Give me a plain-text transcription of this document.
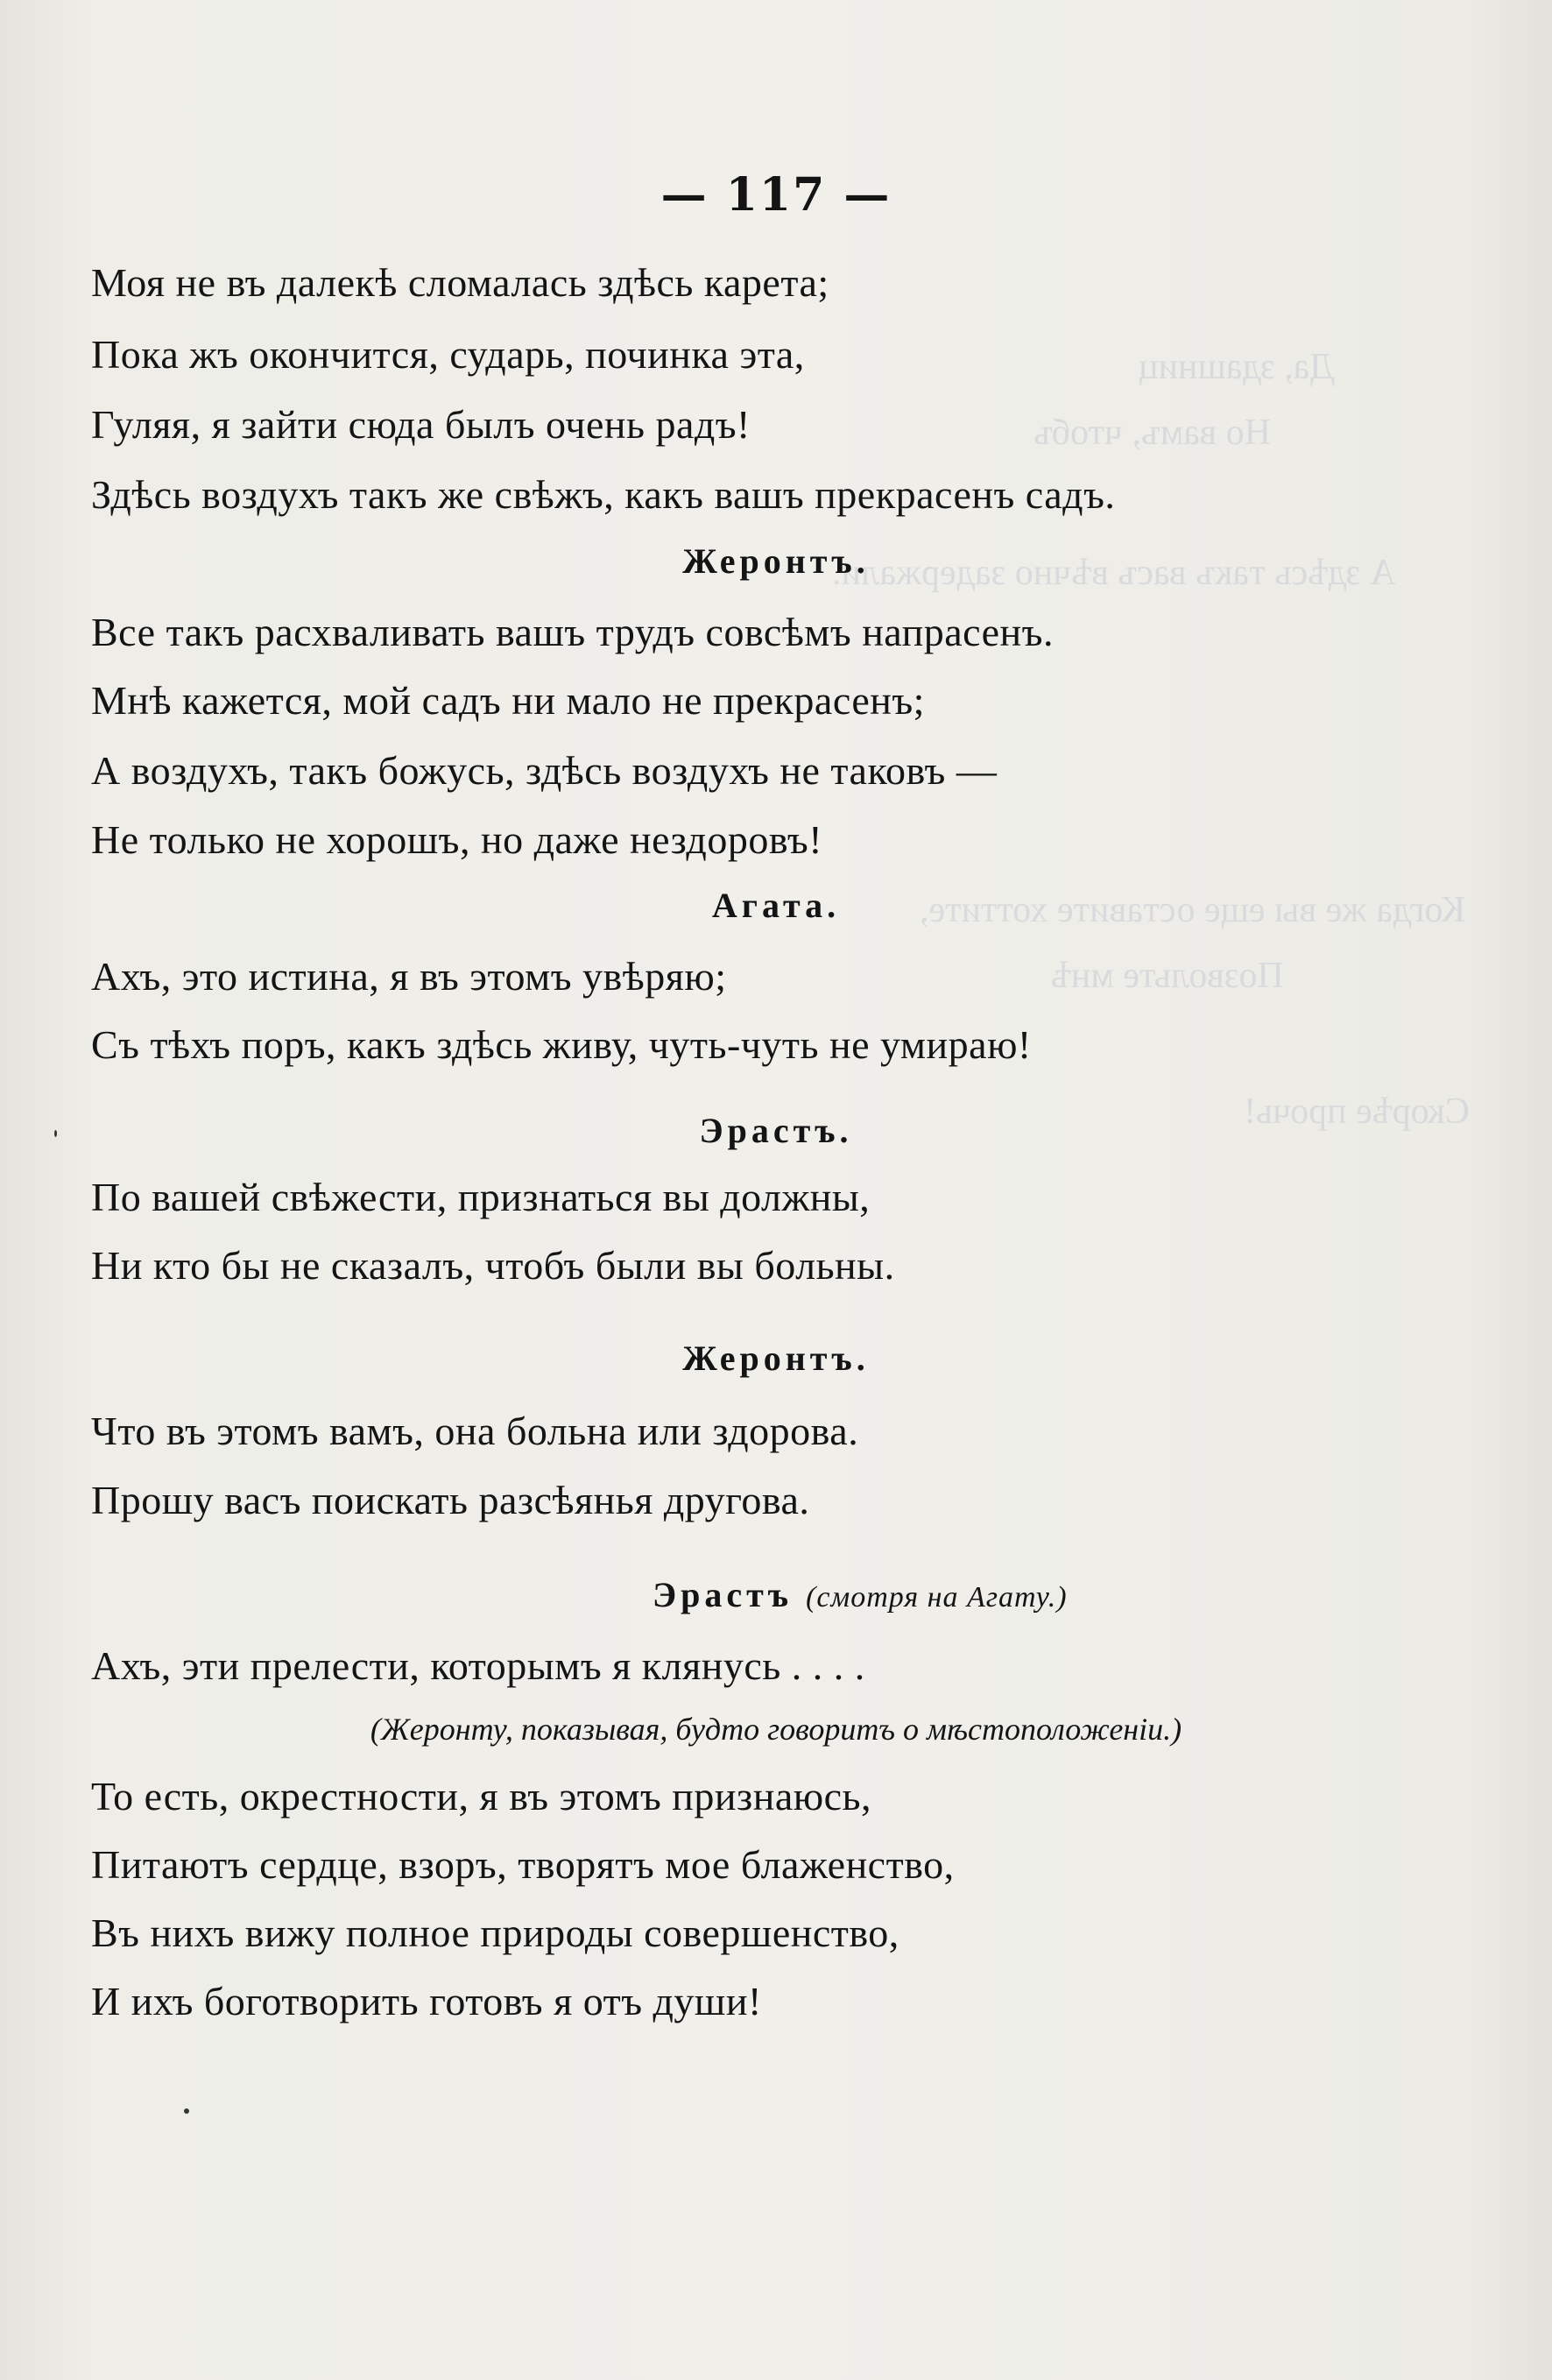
Да, здашниц
Но вамъ, чтобъ
А здѣсь такъ васъ вѣчно задержали.
Когда же вы еще оставите хоттите,
Позвольте мнѣ
Скорѣе прочь!
— 117 —
Моя не въ далекѣ сломалась здѣсь карета;
Пока жъ окончится, сударь, починка эта,
Гуляя, я зайти сюда былъ очень радъ!
Здѣсь воздухъ такъ же свѣжъ, какъ вашъ прекрасенъ садъ.
Жеронтъ.
Все такъ расхваливать вашъ трудъ совсѣмъ напрасенъ.
Мнѣ кажется, мой садъ ни мало не прекрасенъ;
А воздухъ, такъ божусь, здѣсь воздухъ не таковъ —
Не только не хорошъ, но даже нездоровъ!
Агата.
Ахъ, это истина, я въ этомъ увѣряю;
Съ тѣхъ поръ, какъ здѣсь живу, чуть-чуть не умираю!
Эрастъ.
По вашей свѣжести, признаться вы должны,
Ни кто бы не сказалъ, чтобъ были вы больны.
Жеронтъ.
Что въ этомъ вамъ, она больна или здорова.
Прошу васъ поискать разсѣянья другова.
Эрастъ (смотря на Агату.)
Ахъ, эти прелести, которымъ я клянусь . . . .
(Жеронту, показывая, будто говоритъ о мѣстоположеніи.)
То есть, окрестности, я въ этомъ признаюсь,
Питаютъ сердце, взоръ, творятъ мое блаженство,
Въ нихъ вижу полное природы совершенство,
И ихъ боготворить готовъ я отъ души!
